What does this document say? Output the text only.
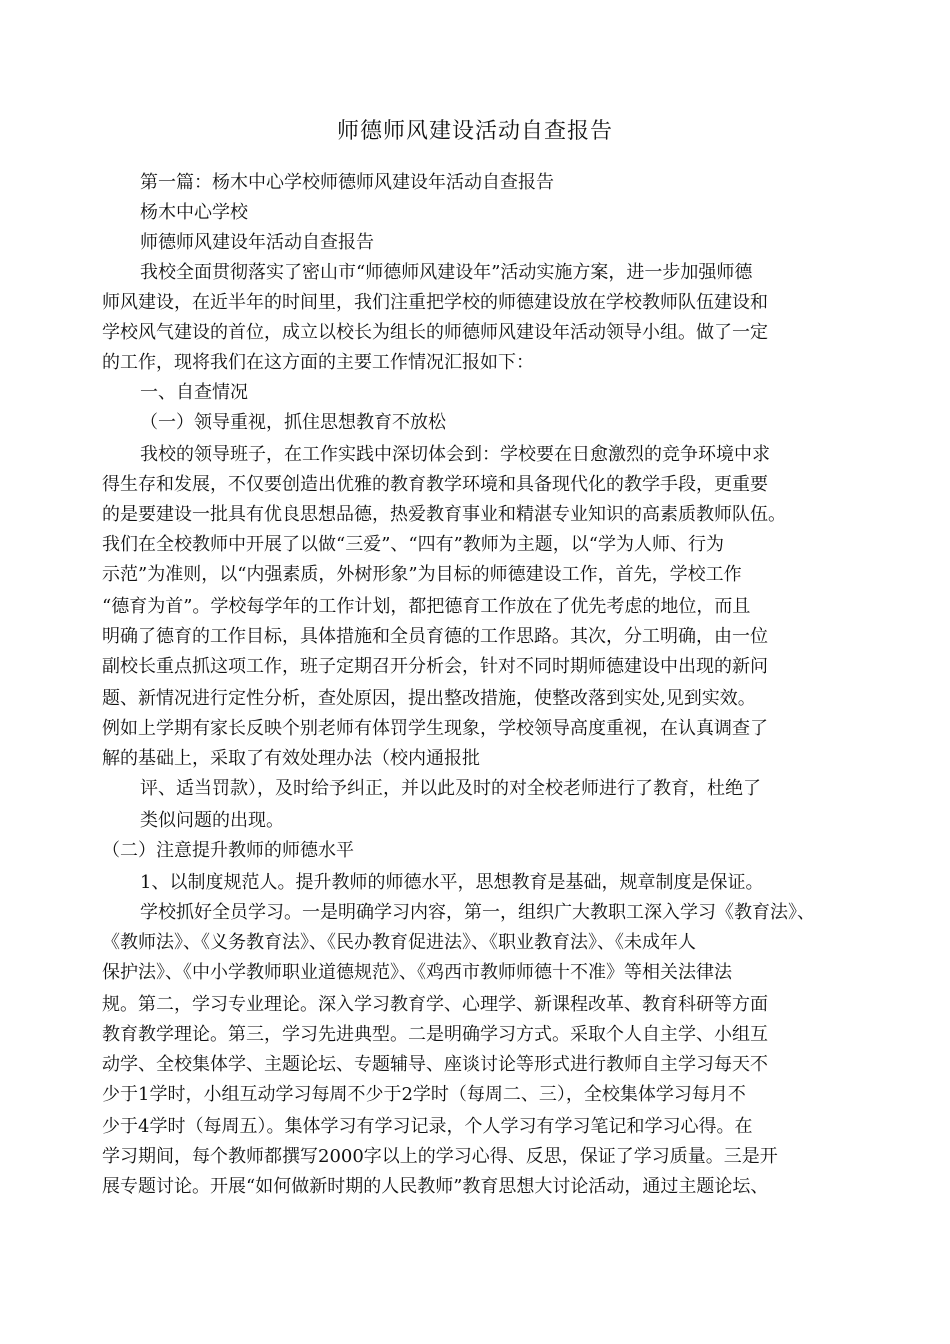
师德师风建设活动自查报告
第一篇：杨木中心学校师德师风建设年活动自查报告
杨木中心学校
师德师风建设年活动自查报告
我校全面贯彻落实了密山市“师德师风建设年”活动实施方案，进一步加强师德
师风建设，在近半年的时间里，我们注重把学校的师德建设放在学校教师队伍建设和
学校风气建设的首位，成立以校长为组长的师德师风建设年活动领导小组。做了一定
的工作，现将我们在这方面的主要工作情况汇报如下：
一、自查情况
（一）领导重视，抓住思想教育不放松
我校的领导班子，在工作实践中深切体会到：学校要在日愈激烈的竞争环境中求
得生存和发展，不仅要创造出优雅的教育教学环境和具备现代化的教学手段，更重要
的是要建设一批具有优良思想品德，热爱教育事业和精湛专业知识的高素质教师队伍。
我们在全校教师中开展了以做“三爱”、“四有”教师为主题，以“学为人师、行为
示范”为准则，以“内强素质，外树形象”为目标的师德建设工作，首先，学校工作
“德育为首”。学校每学年的工作计划，都把德育工作放在了优先考虑的地位，而且
明确了德育的工作目标，具体措施和全员育德的工作思路。其次，分工明确，由一位
副校长重点抓这项工作，班子定期召开分析会，针对不同时期师德建设中出现的新问
题、新情况进行定性分析，查处原因，提出整改措施，使整改落到实处,见到实效。
例如上学期有家长反映个别老师有体罚学生现象，学校领导高度重视，在认真调查了
解的基础上，采取了有效处理办法（校内通报批
评、适当罚款），及时给予纠正，并以此及时的对全校老师进行了教育，杜绝了
类似问题的出现。
（二）注意提升教师的师德水平
1、以制度规范人。提升教师的师德水平，思想教育是基础，规章制度是保证。
学校抓好全员学习。一是明确学习内容，第一，组织广大教职工深入学习《教育法》、
《教师法》、《义务教育法》、《民办教育促进法》、《职业教育法》、《未成年人
保护法》、《中小学教师职业道德规范》、《鸡西市教师师德十不准》等相关法律法
规。第二，学习专业理论。深入学习教育学、心理学、新课程改革、教育科研等方面
教育教学理论。第三，学习先进典型。二是明确学习方式。采取个人自主学、小组互
动学、全校集体学、主题论坛、专题辅导、座谈讨论等形式进行教师自主学习每天不
少于1学时，小组互动学习每周不少于2学时（每周二、三），全校集体学习每月不
少于4学时（每周五）。集体学习有学习记录，个人学习有学习笔记和学习心得。在
学习期间，每个教师都撰写2000字以上的学习心得、反思，保证了学习质量。三是开
展专题讨论。开展“如何做新时期的人民教师”教育思想大讨论活动，通过主题论坛、
